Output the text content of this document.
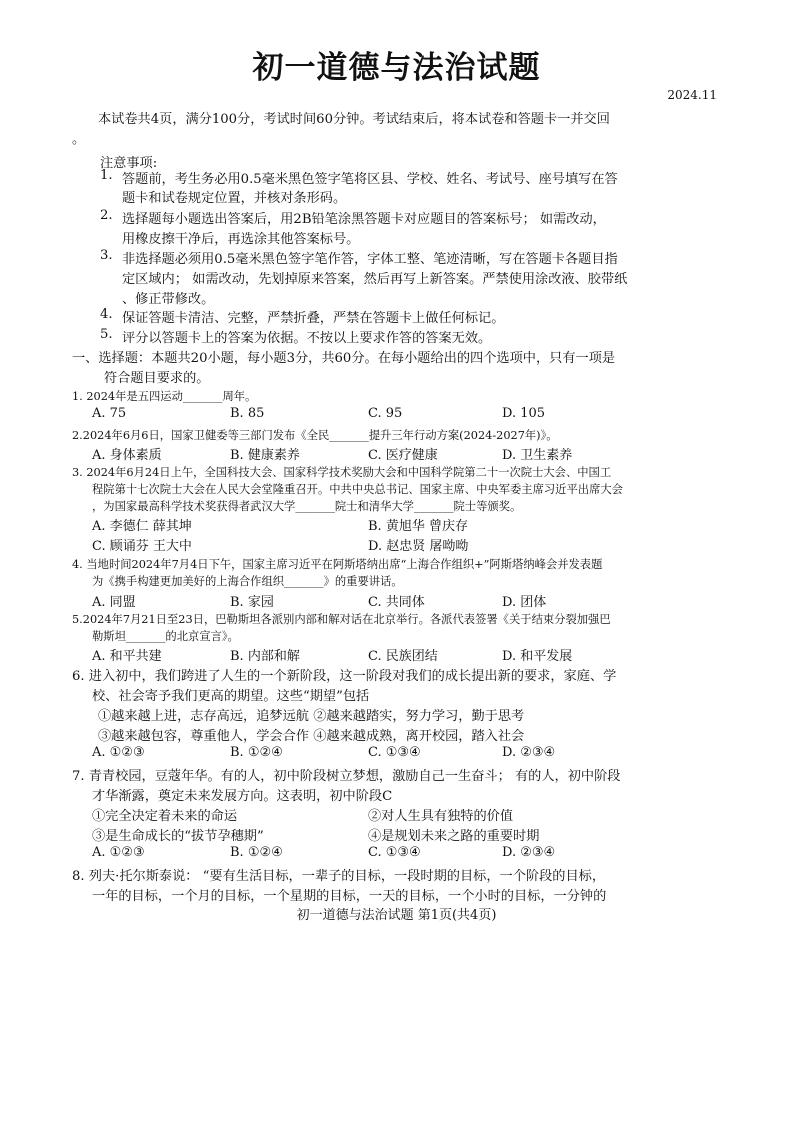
初一道德与法治试题
2024.11
本试卷共4页，满分100分，考试时间60分钟。考试结束后，将本试卷和答题卡一并交回
。
注意事项:
1. 答题前，考生务必用0.5毫米黑色签字笔将区县、学校、姓名、考试号、座号填写在答
题卡和试卷规定位置，并核对条形码。
2. 选择题每小题选出答案后，用2B铅笔涂黑答题卡对应题目的答案标号； 如需改动，
用橡皮擦干净后，再选涂其他答案标号。
3. 非选择题必须用0.5毫米黑色签字笔作答，字体工整、笔迹清晰，写在答题卡各题目指
定区域内； 如需改动，先划掉原来答案，然后再写上新答案。严禁使用涂改液、胶带纸
、修正带修改。
4. 保证答题卡清洁、完整，严禁折叠，严禁在答题卡上做任何标记。
5. 评分以答题卡上的答案为依据。不按以上要求作答的答案无效。
一、选择题：本题共20小题，每小题3分，共60分。在每小题给出的四个选项中，只有一项是
符合题目要求的。
1. 2024年是五四运动_______周年。
A. 75	B. 85	C. 95	D. 105
2.2024年6月6日，国家卫健委等三部门发布《全民_______提升三年行动方案(2024-2027年)》。
A. 身体素质	B. 健康素养	C. 医疗健康	D. 卫生素养
3. 2024年6月24日上午，全国科技大会、国家科学技术奖励大会和中国科学院第二十一次院士大会、中国工
程院第十七次院士大会在人民大会堂隆重召开。中共中央总书记、国家主席、中央军委主席习近平出席大会
，为国家最高科学技术奖获得者武汉大学_______院士和清华大学_______院士等颁奖。
A. 李德仁 薛其坤	B. 黄旭华 曾庆存
C. 顾诵芬 王大中	D. 赵忠贤 屠呦呦
4. 当地时间2024年7月4日下午，国家主席习近平在阿斯塔纳出席“上海合作组织+”阿斯塔纳峰会并发表题
为《携手构建更加美好的上海合作组织_______》的重要讲话。
A. 同盟	B. 家园	C. 共同体	D. 团体
5.2024年7月21日至23日，巴勒斯坦各派别内部和解对话在北京举行。各派代表签署《关于结束分裂加强巴
勒斯坦_______的北京宣言》。
A. 和平共建	B. 内部和解	C. 民族团结	D. 和平发展
6. 进入初中，我们跨进了人生的一个新阶段，这一阶段对我们的成长提出新的要求，家庭、学
校、社会寄予我们更高的期望。这些“期望”包括
①越来越上进，志存高远，追梦远航 ②越来越踏实，努力学习，勤于思考
③越来越包容，尊重他人，学会合作 ④越来越成熟，离开校园，踏入社会
A. ①②③	B. ①②④	C. ①③④	D. ②③④
7. 青青校园，豆蔻年华。有的人，初中阶段树立梦想，激励自己一生奋斗； 有的人，初中阶段
才华渐露，奠定未来发展方向。这表明，初中阶段C
①完全决定着未来的命运	②对人生具有独特的价值
③是生命成长的“拔节孕穗期”	④是规划未来之路的重要时期
A. ①②③	B. ①②④	C. ①③④	D. ②③④
8. 列夫·托尔斯泰说： “要有生活目标，一辈子的目标，一段时期的目标，一个阶段的目标，
一年的目标，一个月的目标，一个星期的目标，一天的目标，一个小时的目标，一分钟的
初一道德与法治试题 第1页(共4页)
